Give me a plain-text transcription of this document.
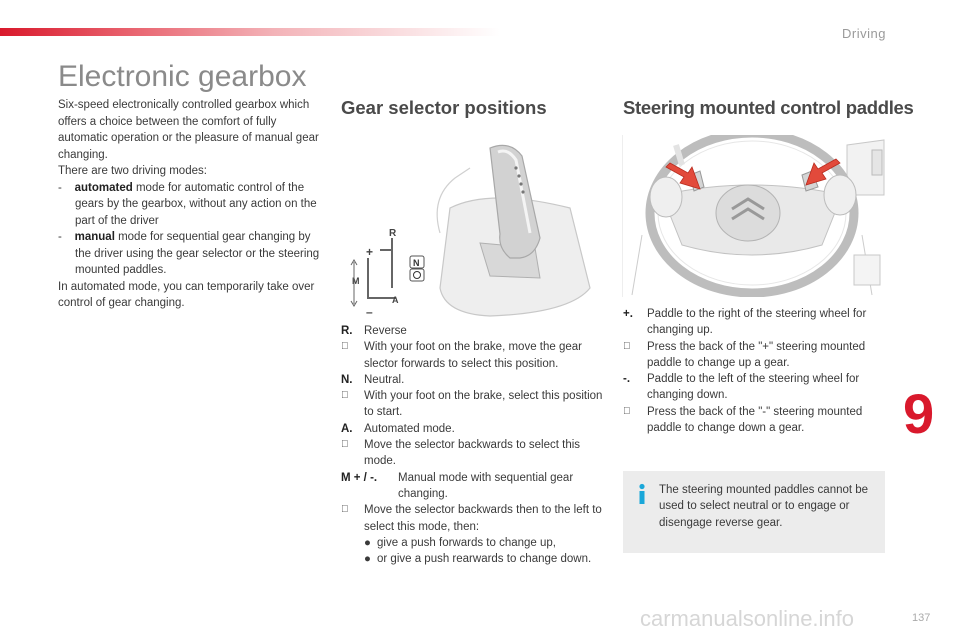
Driving
Electronic gearbox

Six-speed electronically controlled gearbox which offers a choice between the comfort of fully automatic operation or the pleasure of manual gear changing.

There are two driving modes:

- automated mode for automatic control of the gears by the gearbox, without any action on the part of the driver

- manual mode for sequential gear changing by the driver using the gear selector or the steering mounted paddles.

In automated mode, you can temporarily take over control of gear changing.

Gear selector positions	Steering mounted control paddles
R
+
M
–
A
N
R.	Reverse
With your foot on the brake, move the gear slector forwards to select this position.
N.	Neutral.
With your foot on the brake, select this position to start.
A.	Automated mode.
Move the selector backwards to select this mode.
M + / -.	Manual mode with sequential gear changing.
Move the selector backwards then to the left to select this mode, then:
● give a push forwards to change up,
● or give a push rearwards to change down.
+.	Paddle to the right of the steering wheel for changing up.
Press the back of the "+" steering mounted paddle to change up a gear.
-.	Paddle to the left of the steering wheel for changing down.
Press the back of the "-" steering mounted paddle to change down a gear.
The steering mounted paddles cannot be used to select neutral or to engage or disengage reverse gear.
9
carmanualsonline.info	137
